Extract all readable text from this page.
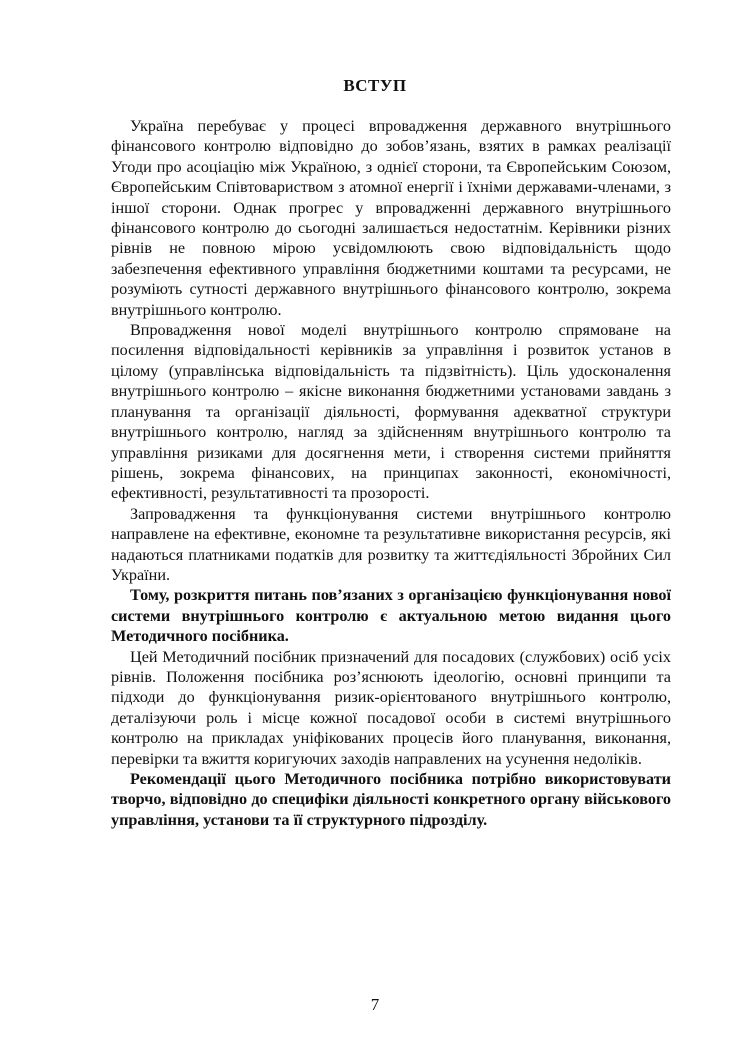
ВСТУП

Україна перебуває у процесі впровадження державного внутрішнього фінансового контролю відповідно до зобов’язань, взятих в рамках реалізації Угоди про асоціацію між Україною, з однієї сторони, та Європейським Союзом, Європейським Співтовариством з атомної енергії і їхніми державами-членами, з іншої сторони. Однак прогрес у впровадженні державного внутрішнього фінансового контролю до сьогодні залишається недостатнім. Керівники різних рівнів не повною мірою усвідомлюють свою відповідальність щодо забезпечення ефективного управління бюджетними коштами та ресурсами, не розуміють сутності державного внутрішнього фінансового контролю, зокрема внутрішнього контролю.

Впровадження нової моделі внутрішнього контролю спрямоване на посилення відповідальності керівників за управління і розвиток установ в цілому (управлінська відповідальність та підзвітність). Ціль удосконалення внутрішнього контролю – якісне виконання бюджетними установами завдань з планування та організації діяльності, формування адекватної структури внутрішнього контролю, нагляд за здійсненням внутрішнього контролю та управління ризиками для досягнення мети, і створення системи прийняття рішень, зокрема фінансових, на принципах законності, економічності, ефективності, результативності та прозорості.

Запровадження та функціонування системи внутрішнього контролю направлене на ефективне, економне та результативне використання ресурсів, які надаються платниками податків для розвитку та життєдіяльності Збройних Сил України.

Тому, розкриття питань пов’язаних з організацією функціонування нової системи внутрішнього контролю є актуальною метою видання цього Методичного посібника.

Цей Методичний посібник призначений для посадових (службових) осіб усіх рівнів. Положення посібника роз’яснюють ідеологію, основні принципи та підходи до функціонування ризик-орієнтованого внутрішнього контролю, деталізуючи роль і місце кожної посадової особи в системі внутрішнього контролю на прикладах уніфікованих процесів його планування, виконання, перевірки та вжиття коригуючих заходів направлених на усунення недоліків.

Рекомендації цього Методичного посібника потрібно використовувати творчо, відповідно до специфіки діяльності конкретного органу військового управління, установи та її структурного підрозділу.

7
